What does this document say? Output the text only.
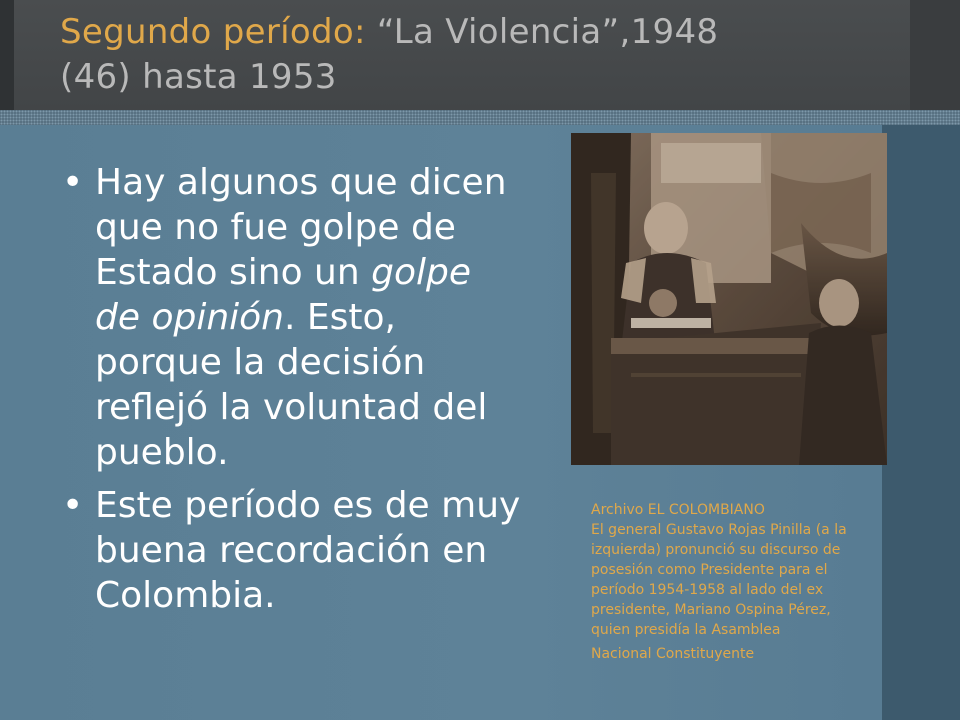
Segundo período: “La Violencia”,1948
(46) hasta 1953
• Hay algunos que dicen que no fue golpe de Estado sino un golpe de opinión. Esto, porque la decisión reflejó la voluntad del pueblo.
• Este período es de muy buena recordación en Colombia.
Archivo EL COLOMBIANO
El general Gustavo Rojas Pinilla (a la
izquierda) pronunció su discurso de
posesión como Presidente para el
período 1954-1958 al lado del ex
presidente, Mariano Ospina Pérez,
quien presidía la Asamblea
Nacional Constituyente
